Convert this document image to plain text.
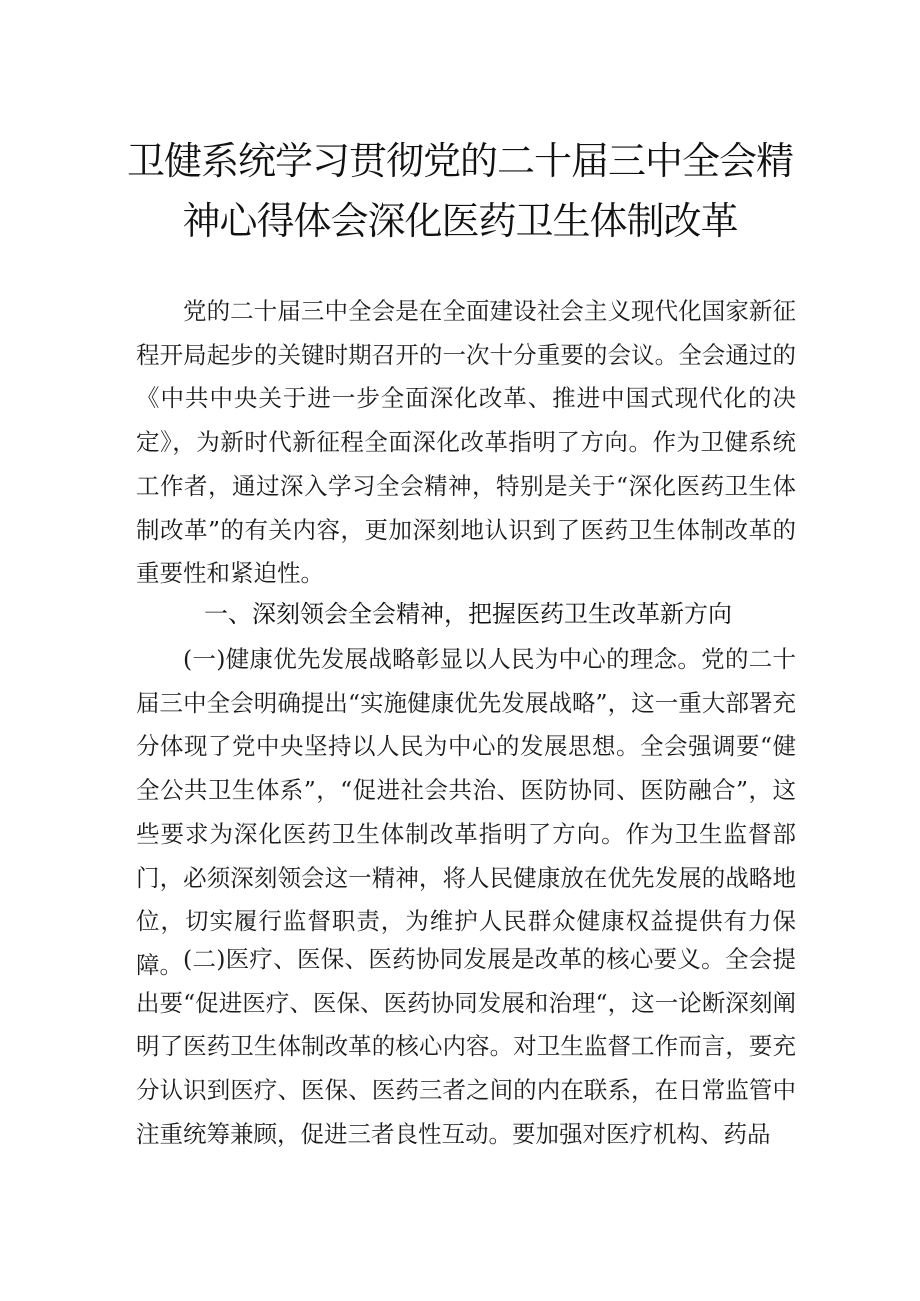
卫健系统学习贯彻党的二十届三中全会精
神心得体会深化医药卫生体制改革

党的二十届三中全会是在全面建设社会主义现代化国家新征程开局起步的关键时期召开的一次十分重要的会议。全会通过的《中共中央关于进一步全面深化改革、推进中国式现代化的决定》，为新时代新征程全面深化改革指明了方向。作为卫健系统工作者，通过深入学习全会精神，特别是关于“深化医药卫生体制改革”的有关内容，更加深刻地认识到了医药卫生体制改革的重要性和紧迫性。

一、深刻领会全会精神，把握医药卫生改革新方向

(一)健康优先发展战略彰显以人民为中心的理念。党的二十届三中全会明确提出“实施健康优先发展战略”，这一重大部署充分体现了党中央坚持以人民为中心的发展思想。全会强调要“健全公共卫生体系”，“促进社会共治、医防协同、医防融合”，这些要求为深化医药卫生体制改革指明了方向。作为卫生监督部门，必须深刻领会这一精神，将人民健康放在优先发展的战略地位，切实履行监督职责，为维护人民群众健康权益提供有力保障。 (二)医疗、医保、医药协同发展是改革的核心要义。全会提出要“促进医疗、医保、医药协同发展和治理“，这一论断深刻阐明了医药卫生体制改革的核心内容。对卫生监督工作而言，要充分认识到医疗、医保、医药三者之间的内在联系，在日常监管中注重统筹兼顾，促进三者良性互动。要加强对医疗机构、药品
